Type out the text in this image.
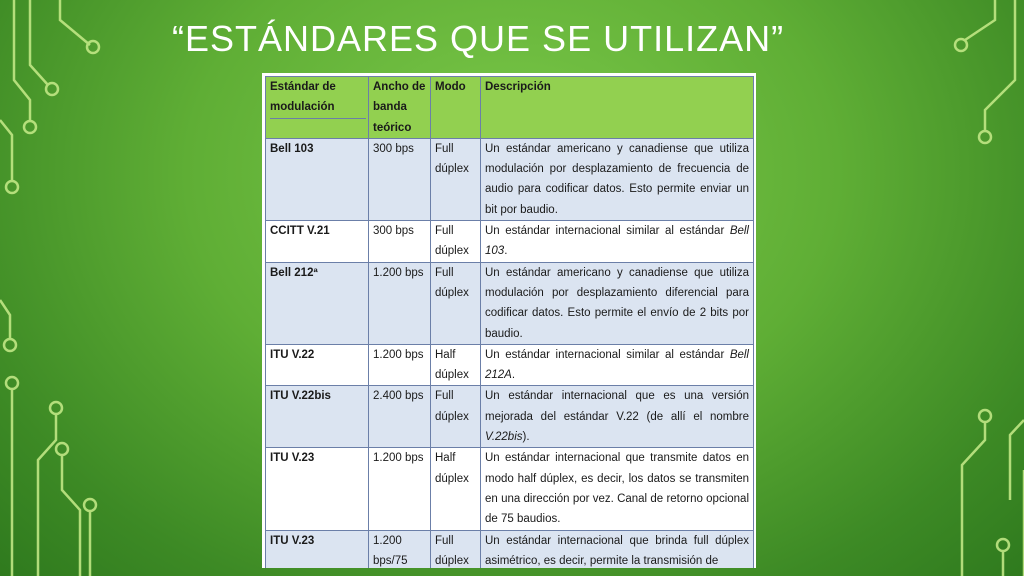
“ESTÁNDARES QUE SE UTILIZAN”
Estándar de modulación	Ancho de banda teórico	Modo	Descripción
Bell 103	300 bps	Full dúplex	Un estándar americano y canadiense que utiliza modulación por desplazamiento de frecuencia de audio para codificar datos. Esto permite enviar un bit por baudio.
CCITT V.21	300 bps	Full dúplex	Un estándar internacional similar al estándar Bell 103.
Bell 212ª	1.200 bps	Full dúplex	Un estándar americano y canadiense que utiliza modulación por desplazamiento diferencial para codificar datos. Esto permite el envío de 2 bits por baudio.
ITU V.22	1.200 bps	Half dúplex	Un estándar internacional similar al estándar Bell 212A.
ITU V.22bis	2.400 bps	Full dúplex	Un estándar internacional que es una versión mejorada del estándar V.22 (de allí el nombre V.22bis).
ITU V.23	1.200 bps	Half dúplex	Un estándar internacional que transmite datos en modo half dúplex, es decir, los datos se transmiten en una dirección por vez. Canal de retorno opcional de 75 baudios.
ITU V.23	1.200 bps/75	Full dúplex	Un estándar internacional que brinda full dúplex asimétrico, es decir, permite la transmisión de
